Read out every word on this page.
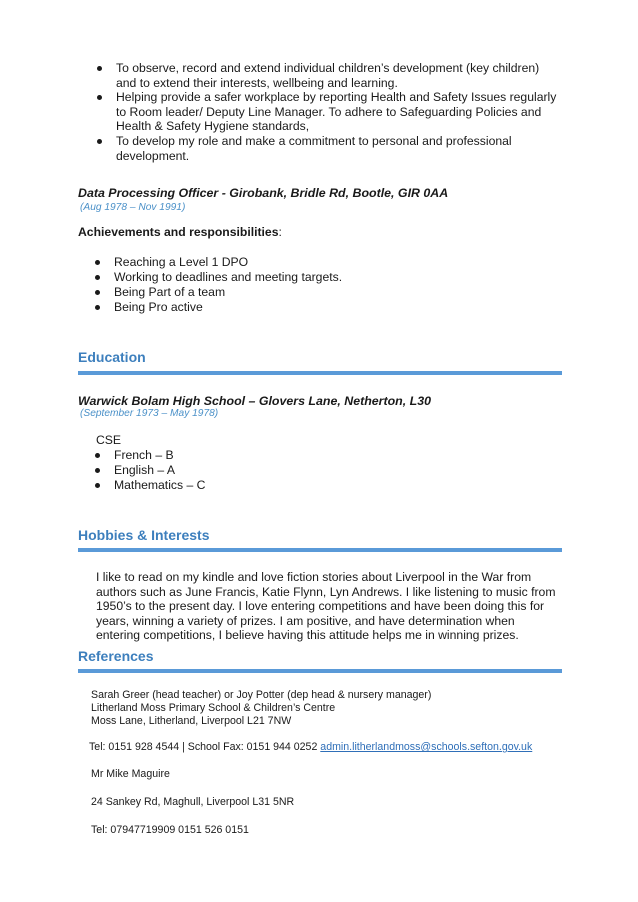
To observe, record and extend individual children’s development (key children) and to extend their interests, wellbeing and learning.
Helping provide a safer workplace by reporting Health and Safety Issues regularly to Room leader/ Deputy Line Manager. To adhere to Safeguarding Policies and Health & Safety Hygiene standards,
To develop my role and make a commitment to personal and professional development.
Data Processing Officer - Girobank, Bridle Rd, Bootle, GIR 0AA
(Aug 1978 – Nov 1991)
Achievements and responsibilities:
Reaching a Level 1 DPO
Working to deadlines and meeting targets.
Being Part of a team
Being Pro active
Education
Warwick Bolam High School – Glovers Lane, Netherton, L30
(September 1973 – May 1978)
CSE
French – B
English – A
Mathematics – C
Hobbies & Interests
I like to read on my kindle and love fiction stories about Liverpool in the War from authors such as June Francis, Katie Flynn, Lyn Andrews. I like listening to music from 1950’s to the present day. I love entering competitions and have been doing this for years, winning a variety of prizes. I am positive, and have determination when entering competitions, I believe having this attitude helps me in winning prizes.
References
Sarah Greer (head teacher) or Joy Potter (dep head & nursery manager)
Litherland Moss Primary School & Children’s Centre
Moss Lane, Litherland, Liverpool L21 7NW
Tel: 0151 928 4544 | School Fax: 0151 944 0252 admin.litherlandmoss@schools.sefton.gov.uk
Mr Mike Maguire
24 Sankey Rd, Maghull, Liverpool L31 5NR
Tel: 07947719909 0151 526 0151
